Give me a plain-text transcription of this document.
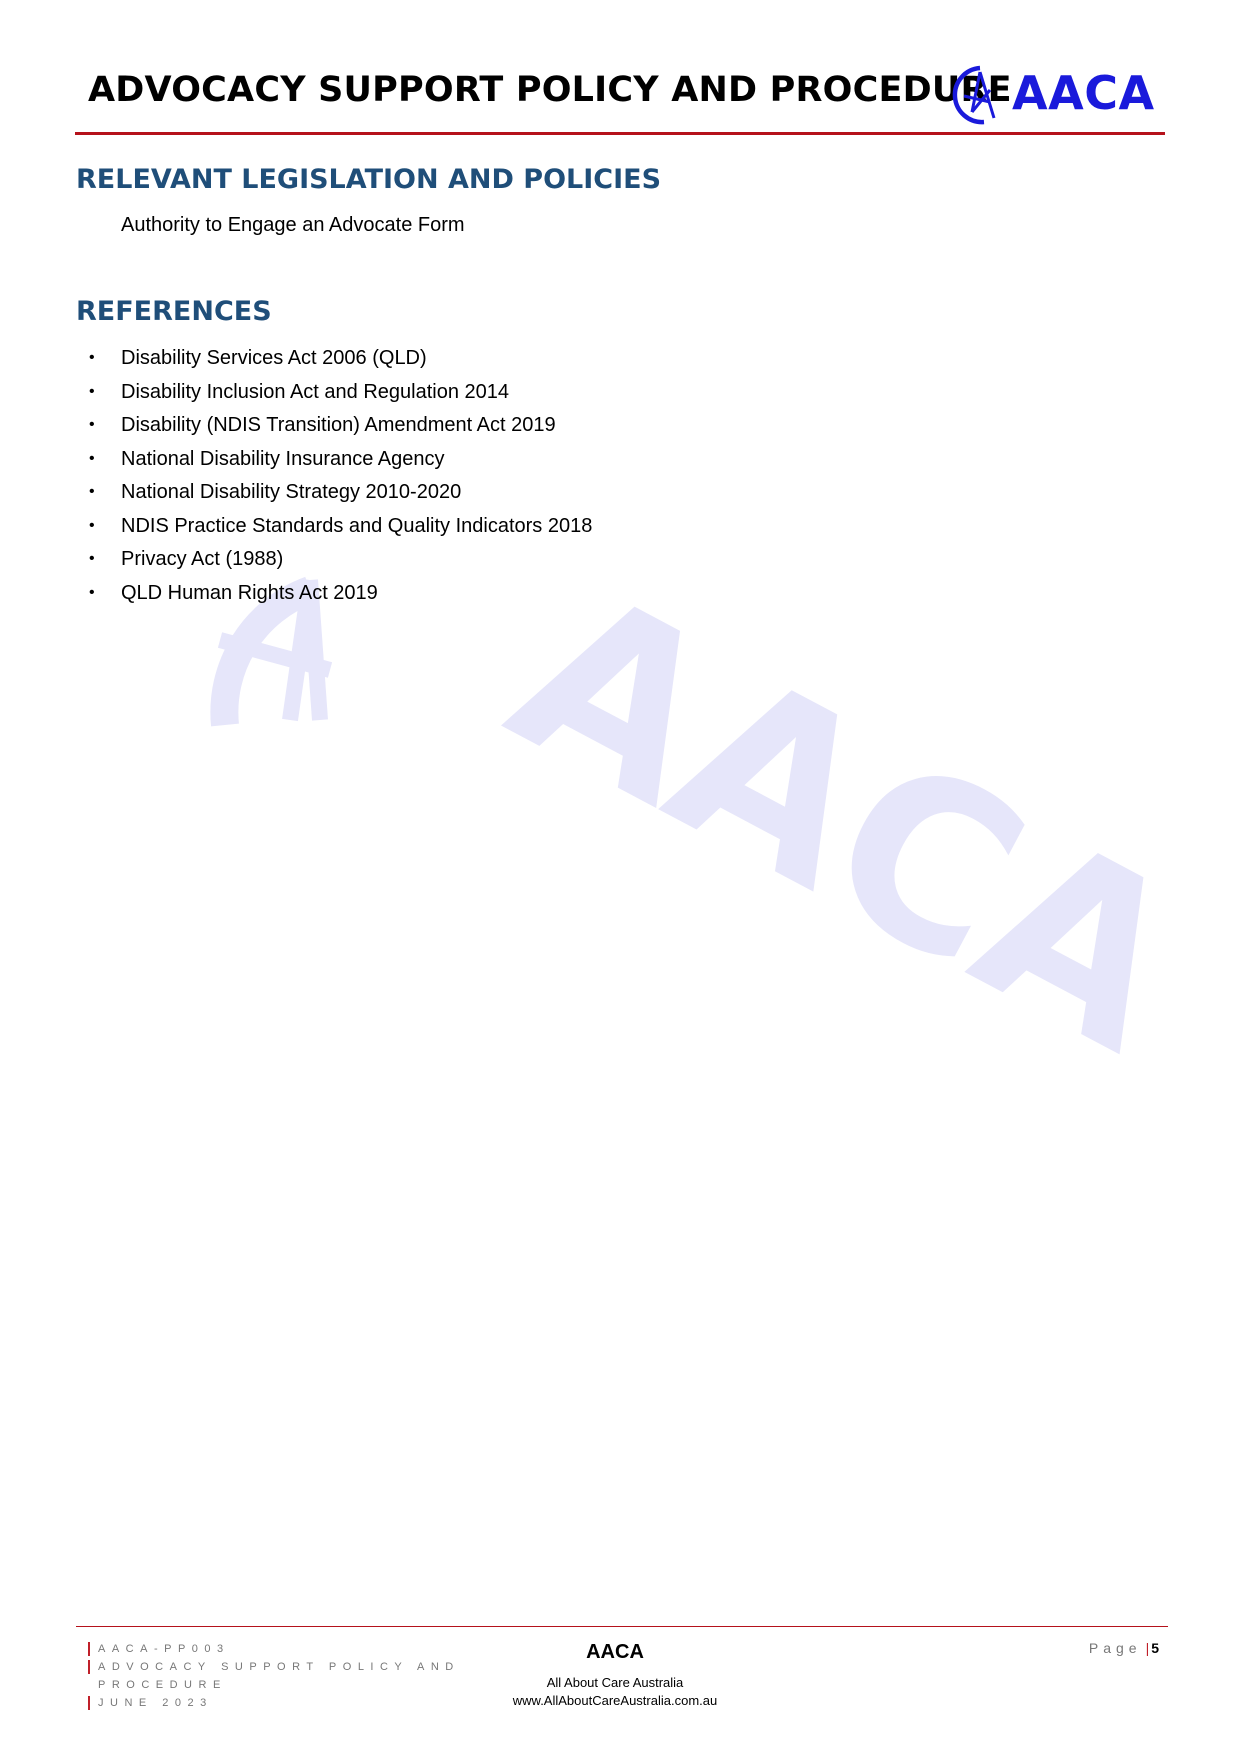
ADVOCACY SUPPORT POLICY AND PROCEDURE AACA
AACA
RELEVANT LEGISLATION AND POLICIES
Authority to Engage an Advocate Form
REFERENCES
• Disability Services Act 2006 (QLD)
• Disability Inclusion Act and Regulation 2014
• Disability (NDIS Transition) Amendment Act 2019
• National Disability Insurance Agency
• National Disability Strategy 2010-2020
• NDIS Practice Standards and Quality Indicators 2018
• Privacy Act (1988)
• QLD Human Rights Act 2019
AACA-PP003
ADVOCACY SUPPORT POLICY AND
PROCEDURE
JUNE 2023
AACA
All About Care Australia
www.AllAboutCareAustralia.com.au
Page | 5
